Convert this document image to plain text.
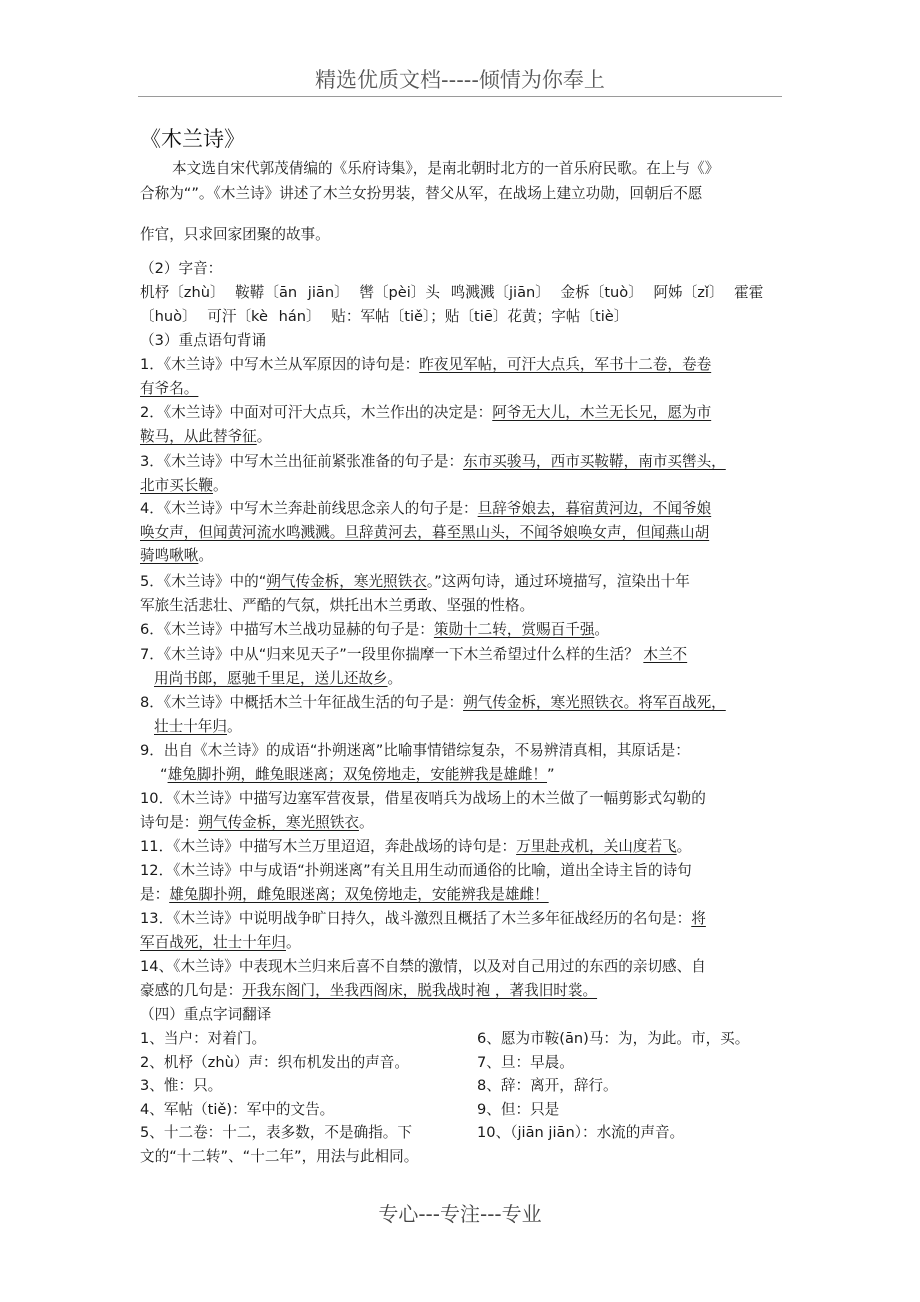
精选优质文档-----倾情为你奉上
《木兰诗》
本文选自宋代郭茂倩编的《乐府诗集》，是南北朝时北方的一首乐府民歌。在上与《》
合称为“”。《木兰诗》讲述了木兰女扮男装，替父从军，在战场上建立功勋，回朝后不愿
作官，只求回家团聚的故事。
（2）字音：
机杼〔zhù〕 鞍鞯〔ān jiān〕 辔〔pèi〕头 鸣溅溅〔jiān〕 金柝〔tuò〕 阿姊〔zǐ〕 霍霍
〔huò〕 可汗〔kè hán〕 贴：军帖〔tiě〕；贴〔tiē〕花黄；字帖〔tiè〕
（3）重点语句背诵
1．《木兰诗》中写木兰从军原因的诗句是：昨夜见军帖，可汗大点兵，军书十二卷，卷卷
有爷名。
2．《木兰诗》中面对可汗大点兵，木兰作出的决定是：阿爷无大儿，木兰无长兄，愿为市
鞍马，从此替爷征。
3．《木兰诗》中写木兰出征前紧张准备的句子是：东市买骏马，西市买鞍鞯，南市买辔头，
北市买长鞭。
4．《木兰诗》中写木兰奔赴前线思念亲人的句子是：旦辞爷娘去，暮宿黄河边，不闻爷娘
唤女声，但闻黄河流水鸣溅溅。旦辞黄河去，暮至黑山头，不闻爷娘唤女声，但闻燕山胡
骑鸣啾啾。
5．《木兰诗》中的“朔气传金柝，寒光照铁衣。”这两句诗，通过环境描写，渲染出十年
军旅生活悲壮、严酷的气氛，烘托出木兰勇敢、坚强的性格。
6．《木兰诗》中描写木兰战功显赫的句子是：策勋十二转，赏赐百千强。
7．《木兰诗》中从“归来见天子”一段里你揣摩一下木兰希望过什么样的生活？ 木兰不
用尚书郎，愿驰千里足，送儿还故乡。
8．《木兰诗》中概括木兰十年征战生活的句子是：朔气传金柝，寒光照铁衣。将军百战死，
壮士十年归。
9．出自《木兰诗》的成语“扑朔迷离”比喻事情错综复杂，不易辨清真相，其原话是：
“雄兔脚扑朔，雌兔眼迷离；双兔傍地走，安能辨我是雄雌！”
10．《木兰诗》中描写边塞军营夜景，借星夜哨兵为战场上的木兰做了一幅剪影式勾勒的
诗句是：朔气传金柝，寒光照铁衣。
11．《木兰诗》中描写木兰万里迢迢，奔赴战场的诗句是：万里赴戎机，关山度若飞。
12．《木兰诗》中与成语“扑朔迷离”有关且用生动而通俗的比喻，道出全诗主旨的诗句
是：雄兔脚扑朔，雌兔眼迷离；双兔傍地走，安能辨我是雄雌！
13．《木兰诗》中说明战争旷日持久，战斗激烈且概括了木兰多年征战经历的名句是：将
军百战死，壮士十年归。
14、《木兰诗》中表现木兰归来后喜不自禁的激情，以及对自己用过的东西的亲切感、自
豪感的几句是：开我东阁门，坐我西阁床，脱我战时袍 ，著我旧时裳。
（四）重点字词翻译
1、当户：对着门。
2、机杼（zhù）声：织布机发出的声音。
3、惟：只。
4、军帖（tiě)：军中的文告。
5、十二卷：十二，表多数，不是确指。下
文的“十二转”、“十二年”，用法与此相同。
6、愿为市鞍(ān)马：为，为此。市，买。
7、旦：早晨。
8、辞：离开，辞行。
9、但：只是
10、（jiān jiān）：水流的声音。
专心---专注---专业
